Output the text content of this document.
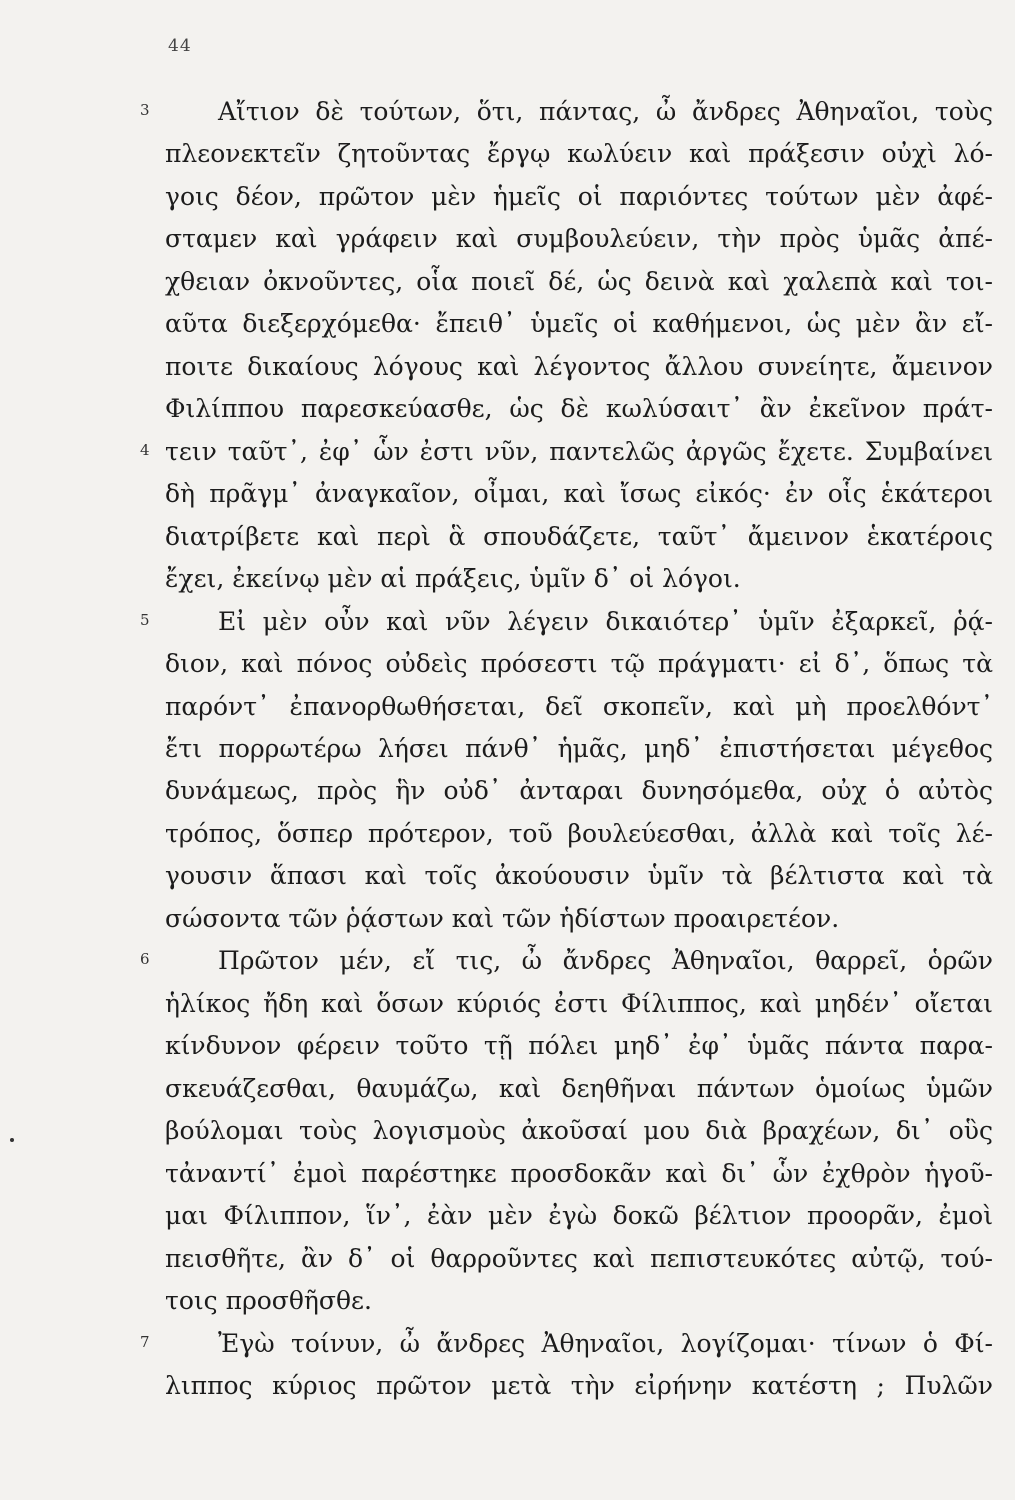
44
3	Αἴτιον δὲ τούτων, ὅτι, πάντας, ὦ ἄνδρες Ἀθηναῖοι, τοὺς
πλεονεκτεῖν ζητοῦντας ἔργῳ κωλύειν καὶ πράξεσιν οὐχὶ λό-
γοις δέον, πρῶτον μὲν ἡμεῖς οἱ παριόντες τούτων μὲν ἀφέ-
σταμεν καὶ γράφειν καὶ συμβουλεύειν, τὴν πρὸς ὑμᾶς ἀπέ-
χθειαν ὀκνοῦντες, οἷα ποιεῖ δέ, ὡς δεινὰ καὶ χαλεπὰ καὶ τοι-
αῦτα διεξερχόμεθα· ἔπειθ᾽ ὑμεῖς οἱ καθήμενοι, ὡς μὲν ἂν εἴ-
ποιτε δικαίους λόγους καὶ λέγοντος ἄλλου συνείητε, ἄμεινον
Φιλίππου παρεσκεύασθε, ὡς δὲ κωλύσαιτ᾽ ἂν ἐκεῖνον πράτ-
4 τειν ταῦτ᾽, ἐφ᾽ ὧν ἐστι νῦν, παντελῶς ἀργῶς ἔχετε. Συμβαίνει
δὴ πρᾶγμ᾽ ἀναγκαῖον, οἶμαι, καὶ ἴσως εἰκός· ἐν οἷς ἑκάτεροι
διατρίβετε καὶ περὶ ἃ σπουδάζετε, ταῦτ᾽ ἄμεινον ἑκατέροις
ἔχει, ἐκείνῳ μὲν αἱ πράξεις, ὑμῖν δ᾽ οἱ λόγοι.
5	Εἰ μὲν οὖν καὶ νῦν λέγειν δικαιότερ᾽ ὑμῖν ἐξαρκεῖ, ῥᾴ-
διον, καὶ πόνος οὐδεὶς πρόσεστι τῷ πράγματι· εἰ δ᾽, ὅπως τὰ
παρόντ᾽ ἐπανορθωθήσεται, δεῖ σκοπεῖν, καὶ μὴ προελθόντ᾽
ἔτι πορρωτέρω λήσει πάνθ᾽ ἡμᾶς, μηδ᾽ ἐπιστήσεται μέγεθος
δυνάμεως, πρὸς ἣν οὐδ᾽ ἀνταραι δυνησόμεθα, οὐχ ὁ αὐτὸς
τρόπος, ὅσπερ πρότερον, τοῦ βουλεύεσθαι, ἀλλὰ καὶ τοῖς λέ-
γουσιν ἅπασι καὶ τοῖς ἀκούουσιν ὑμῖν τὰ βέλτιστα καὶ τὰ
σώσοντα τῶν ῥᾴστων καὶ τῶν ἡδίστων προαιρετέον.
6	Πρῶτον μέν, εἴ τις, ὦ ἄνδρες Ἀθηναῖοι, θαρρεῖ, ὁρῶν
ἡλίκος ἤδη καὶ ὅσων κύριός ἐστι Φίλιππος, καὶ μηδέν᾽ οἴεται
κίνδυνον φέρειν τοῦτο τῇ πόλει μηδ᾽ ἐφ᾽ ὑμᾶς πάντα παρα-
σκευάζεσθαι, θαυμάζω, καὶ δεηθῆναι πάντων ὁμοίως ὑμῶν
βούλομαι τοὺς λογισμοὺς ἀκοῦσαί μου διὰ βραχέων, δι᾽ οὓς
τἀναντί᾽ ἐμοὶ παρέστηκε προσδοκᾶν καὶ δι᾽ ὧν ἐχθρὸν ἡγοῦ-
μαι Φίλιππον, ἵν᾽, ἐὰν μὲν ἐγὼ δοκῶ βέλτιον προορᾶν, ἐμοὶ
πεισθῆτε, ἂν δ᾽ οἱ θαρροῦντες καὶ πεπιστευκότες αὐτῷ, τού-
τοις προσθῆσθε.
7	Ἐγὼ τοίνυν, ὦ ἄνδρες Ἀθηναῖοι, λογίζομαι· τίνων ὁ Φί-
λιππος κύριος πρῶτον μετὰ τὴν εἰρήνην κατέστη ; Πυλῶν
